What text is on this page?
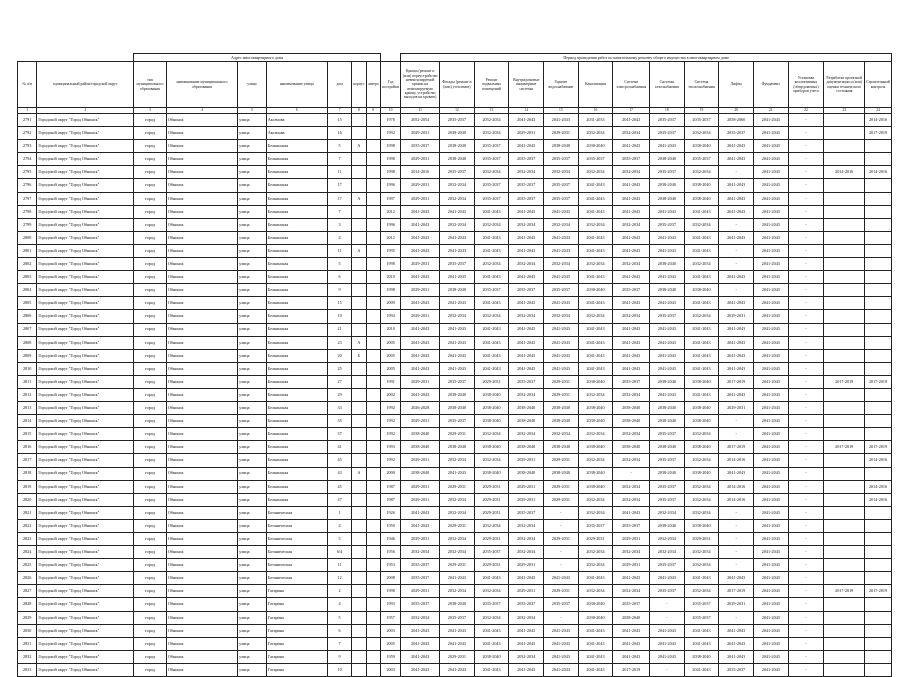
		Адрес многоквартирного дома								Период проведения работ по капитальному ремонту общего имущества в многоквартирном доме													
№ п/п	муниципальный район/городской округ	тип муниципального образования	наименование муниципального образования	улица	наименование улицы	дом	корпус	литера	Год постройки	Крыша (ремонт и (или) переустройство невентилируемой крыши на вентилируемую крышу, устройство выходов на кровлю)	Фасады (ремонт и (или) утепление)	Ремонт подвальных помещений	Внутридомовые инженерные системы	Горячее водоснабжение	Канализация	Система электроснабжения	Системы газоснабжения	Система теплоснабжения	Лифты	Фундамент	Установка коллективных (общедомовых) приборов учета	Разработка проектной документации и (или) оценки технического состояния	Строительный контроль
1	2	3	4	5	6	7	8	9	10	11	12	13	14	15	16	17	18	19	20	21	22	23	24
2791	Городской округ "Город Обнинск"	город	Обнинск	улица	Аксенова	15			1978	2052-2054	2035-2037	2052-2054	2041-2043	2041-2043	2031-2033	2041-2043	2035-2037	2035-2037	2058-2060	2041-2043	-		2014-2016
2792	Городской округ "Город Обнинск"	город	Обнинск	улица	Аксенова	16			1992	2029-2031	2038-2040	2032-2034	2029-2031	2029-2031	2032-2034	2032-2034	2035-2037	2032-2034	2035-2037	2041-2043	-		2017-2019
2793	Городской округ "Город Обнинск"	город	Обнинск	улица	Белкинская	5	А		1998	2035-2037	2038-2040	2035-2037	2041-2043	2038-2040	2038-2040	2041-2043	2041-2043	2038-2040	2041-2043	2041-2043	-		
2794	Городской округ "Город Обнинск"	город	Обнинск	улица	Белкинская	7			1998	2029-2031	2038-2040	2035-2037	2035-2037	2035-2037	2035-2037	2035-2037	2038-2040	2035-2037	2041-2043	2041-2043	-		
2795	Городской округ "Город Обнинск"	город	Обнинск	улица	Белкинская	11			1998	2014-2016	2035-2037	2032-2034	2032-2034	2032-2034	2032-2034	2032-2034	2035-2037	2032-2034	-	2041-2043	-	2014-2016	2014-2016
2796	Городской округ "Город Обнинск"	город	Обнинск	улица	Белкинская	17			1996	2029-2031	2032-2034	2035-2037	2035-2037	2035-2037	2041-2043	2041-2043	2038-2040	2038-2040	2041-2043	2041-2043	-		
2797	Городской округ "Город Обнинск"	город	Обнинск	улица	Белкинская	17	А		1997	2029-2031	2032-2034	2035-2037	2035-2037	2035-2037	2041-2043	2041-2043	2038-2040	2038-2040	2041-2043	2041-2043	-		
2798	Городской округ "Город Обнинск"	город	Обнинск	улица	Белкинская	7			2012	2041-2043	2041-2043	2041-2043	2041-2043	2041-2043	2041-2043	2041-2043	2041-2043	2041-2043	2041-2043	2041-2043	-		
2799	Городской округ "Город Обнинск"	город	Обнинск	улица	Белкинская	3			1996	2041-2043	2032-2034	2032-2034	2032-2034	2032-2034	2032-2034	2032-2034	2035-2037	2032-2034	-	2041-2043	-		
2800	Городской округ "Город Обнинск"	город	Обнинск	улица	Белкинская	4			2012	2041-2043	2041-2043	2041-2043	2041-2043	2041-2043	2041-2043	2041-2043	2041-2043	2041-2043	2041-2043	2041-2043	-		
2801	Городской округ "Город Обнинск"	город	Обнинск	улица	Белкинская	11	А		1995	2041-2043	2041-2043	2041-2043	2041-2043	2041-2043	2041-2043	2041-2043	2041-2043	2041-2043	-	2041-2043	-		
2802	Городской округ "Город Обнинск"	город	Обнинск	улица	Белкинская	5			1998	2029-2031	2035-2037	2032-2034	2032-2034	2032-2034	2032-2034	2032-2034	2038-2040	2032-2034	-	2041-2043	-		
2803	Городской округ "Город Обнинск"	город	Обнинск	улица	Белкинская	6			2010	2041-2043	2041-2043	2041-2043	2041-2043	2041-2043	2041-2043	2041-2043	2041-2043	2041-2043	2041-2043	2041-2043	-		
2804	Городской округ "Город Обнинск"	город	Обнинск	улица	Белкинская	9			1998	2029-2031	2038-2040	2035-2037	2035-2037	2035-2037	2038-2040	2035-2037	2038-2040	2038-2040	-	2041-2043	-		
2805	Городской округ "Город Обнинск"	город	Обнинск	улица	Белкинская	15			2009	2041-2043	2041-2043	2041-2043	2041-2043	2041-2043	2041-2043	2041-2043	2041-2043	2041-2043	2041-2043	2041-2043	-		
2806	Городской округ "Город Обнинск"	город	Обнинск	улица	Белкинская	19			1994	2029-2031	2032-2034	2032-2034	2032-2034	2032-2034	2032-2034	2032-2034	2035-2037	2032-2034	2029-2031	2041-2043	-		
2807	Городской округ "Город Обнинск"	город	Обнинск	улица	Белкинская	21			2010	2041-2043	2041-2043	2041-2043	2041-2043	2041-2043	2041-2043	2041-2043	2041-2043	2041-2043	2041-2043	2041-2043	-		
2808	Городской округ "Город Обнинск"	город	Обнинск	улица	Белкинская	23	А		2005	2041-2043	2041-2043	2041-2043	2041-2043	2041-2043	2041-2043	2041-2043	2041-2043	2041-2043	2041-2043	2041-2043	-		
2809	Городской округ "Город Обнинск"	город	Обнинск	улица	Белкинская	20	Б		2005	2041-2043	2041-2043	2041-2043	2041-2043	2041-2043	2041-2043	2041-2043	2041-2043	2041-2043	2041-2043	2041-2043	-		
2810	Городской округ "Город Обнинск"	город	Обнинск	улица	Белкинская	25			2005	2041-2043	2041-2043	2041-2043	2041-2043	2041-2043	2041-2043	2041-2043	2041-2043	2041-2043	2041-2043	2041-2043	-		
2811	Городской округ "Город Обнинск"	город	Обнинск	улица	Белкинская	27			1991	2029-2031	2035-2037	2029-2031	2035-2037	2029-2031	2038-2040	2035-2037	2038-2040	2038-2040	2017-2019	2041-2043	-	2017-2019	2017-2019
2812	Городской округ "Город Обнинск"	город	Обнинск	улица	Белкинская	29			2002	2041-2043	2038-2040	2038-2040	2032-2034	2029-2031	2032-2034	2032-2034	2041-2043	2041-2043	2041-2043	2041-2043	-		
2813	Городской округ "Город Обнинск"	город	Обнинск	улица	Белкинская	33			1992	2026-2028	2038-2040	2038-2040	2038-2040	2038-2040	2038-2040	2038-2040	2038-2040	2038-2040	2029-2031	2041-2043	-		
2814	Городской округ "Город Обнинск"	город	Обнинск	улица	Белкинская	35			1992	2029-2031	2035-2037	2038-2040	2038-2040	2038-2040	2038-2040	2038-2040	2038-2040	2038-2040	-	2041-2043	-		
2815	Городской округ "Город Обнинск"	город	Обнинск	улица	Белкинская	37			1992	2038-2040	2029-2031	2032-2034	2032-2034	2032-2034	2032-2034	2032-2034	2035-2037	2032-2034	-	2041-2043	-		
2816	Городской округ "Город Обнинск"	город	Обнинск	улица	Белкинская	41			1993	2038-2040	2038-2040	2038-2040	2038-2040	2038-2040	2038-2040	2038-2040	2038-2040	2038-2040	2017-2019	2041-2043	-	2017-2019	2017-2019
2817	Городской округ "Город Обнинск"	город	Обнинск	улица	Белкинская	45			1992	2029-2031	2032-2034	2032-2034	2029-2031	2029-2031	2032-2034	2032-2034	2035-2037	2032-2034	2014-2016	2041-2043	-		2014-2016
2818	Городской округ "Город Обнинск"	город	Обнинск	улица	Белкинская	43	А		2000	2038-2040	2041-2043	2038-2040	2038-2040	2038-2040	2038-2040	-	2038-2040	2038-2040	2041-2043	2041-2043	-		
2819	Городской округ "Город Обнинск"	город	Обнинск	улица	Белкинская	45			1987	2029-2031	2029-2031	2029-2031	2029-2031	2029-2031	2038-2040	2032-2034	2035-2037	2032-2034	2014-2016	2041-2043	-		2014-2016
2820	Городской округ "Город Обнинск"	город	Обнинск	улица	Белкинская	47			1987	2029-2031	2032-2034	2029-2031	2029-2031	2029-2031	2032-2034	2032-2034	2035-2037	2032-2034	2014-2016	2041-2043	-		2014-2016
2821	Городской округ "Город Обнинск"	город	Обнинск	улица	Ботаническая	1			1926	2041-2043	2032-2034	2029-2031	2035-2037	-	2032-2034	2041-2043	2032-2034	2032-2034	-	2041-2043	-		
2822	Городской округ "Город Обнинск"	город	Обнинск	улица	Ботаническая	4			1950	2041-2043	2029-2031	2032-2034	2032-2034	-	2035-2037	2035-2037	2038-2040	2038-2040	-	2041-2043	-		
2823	Городской округ "Город Обнинск"	город	Обнинск	улица	Ботаническая	5			1946	2029-2031	2032-2034	2029-2031	2032-2034	2029-2031	2029-2031	2029-2031	2032-2034	2029-2031	-	2041-2043	-		
2824	Городской округ "Город Обнинск"	город	Обнинск	улица	Ботаническая	6/4			1956	2032-2034	2032-2034	2035-2037	2032-2034	-	2032-2034	2032-2034	2032-2034	2032-2034	-	2041-2043	-		
2825	Городской округ "Город Обнинск"	город	Обнинск	улица	Ботаническая	11			1953	2035-2037	2029-2031	2029-2031	2029-2031	-	2032-2034	2029-2031	2035-2037	2032-2034	-	2041-2043	-		
2826	Городской округ "Город Обнинск"	город	Обнинск	улица	Ботаническая	12			2008	2035-2037	2041-2043	2041-2043	2041-2043	2041-2043	2041-2043	2041-2043	2041-2043	2041-2043	2041-2043	2041-2043	-		
2827	Городской округ "Город Обнинск"	город	Обнинск	улица	Гагарина	2			1998	2029-2031	2032-2034	2032-2034	2029-2031	2029-2031	2032-2034	2032-2034	2035-2037	2032-2034	2017-2019	2041-2043	-	2017-2019	2017-2019
2828	Городской округ "Город Обнинск"	город	Обнинск	улица	Гагарина	4			1993	2035-2037	2038-2040	2035-2037	2035-2037	2035-2037	2038-2040	2035-2037	-	2035-2037	2029-2031	2041-2043	-		
2829	Городской округ "Город Обнинск"	город	Обнинск	улица	Гагарина	5			1957	2032-2034	2035-2037	2032-2034	2032-2034	-	2038-2040	2038-2040	-	2035-2037	-	2041-2043	-		
2830	Городской округ "Город Обнинск"	город	Обнинск	улица	Гагарина	6			2003	2041-2043	2041-2043	2041-2043	2041-2043	2041-2043	2041-2043	2041-2043	2041-2043	2041-2043	2041-2043	2041-2043	-		
2831	Городской округ "Город Обнинск"	город	Обнинск	улица	Гагарина	7			2005	2041-2043	2041-2043	2041-2043	2041-2043	2041-2043	2041-2043	2041-2043	2041-2043	2041-2043	2041-2043	2041-2043	-		
2832	Городской округ "Город Обнинск"	город	Обнинск	улица	Гагарина	9			1959	2041-2043	2029-2031	2038-2040	2032-2034	2041-2043	2041-2043	2041-2043	2041-2043	2038-2040	2041-2043	2041-2043	-		
2833	Городской округ "Город Обнинск"	город	Обнинск	улица	Гагарина	10			2003	2041-2043	2041-2043	2041-2043	2041-2043	2041-2043	2041-2043	2017-2019	-	2041-2043	2035-2037	2041-2043	-		
